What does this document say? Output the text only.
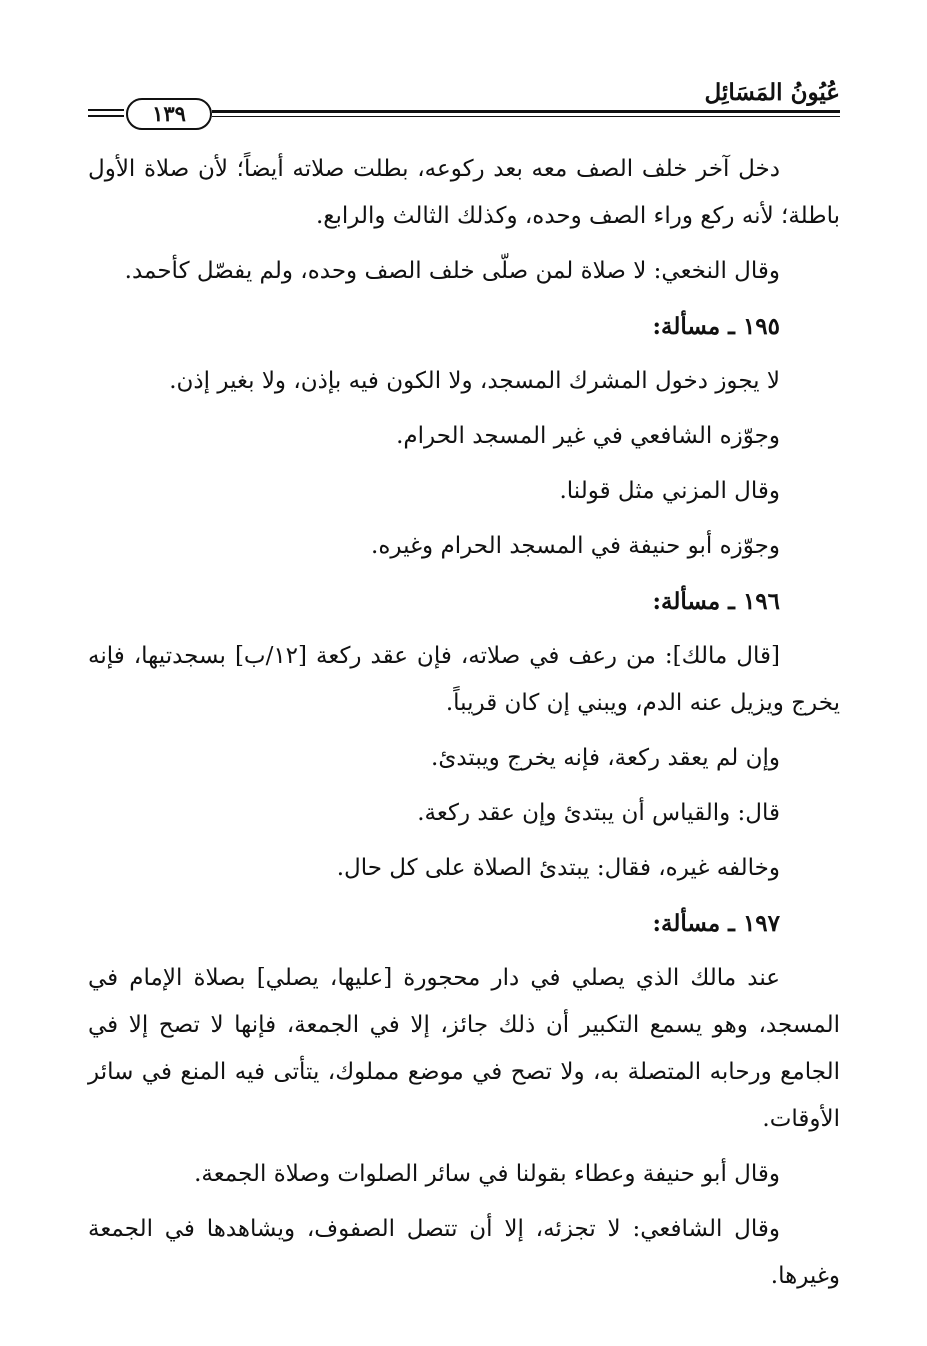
عُيُونُ المَسَائِل
١٣٩

دخل آخر خلف الصف معه بعد ركوعه، بطلت صلاته أيضاً؛ لأن صلاة الأول باطلة؛ لأنه ركع وراء الصف وحده، وكذلك الثالث والرابع.

وقال النخعي: لا صلاة لمن صلّى خلف الصف وحده، ولم يفصّل كأحمد.

١٩٥ ـ مسألة:

لا يجوز دخول المشرك المسجد، ولا الكون فيه بإذن، ولا بغير إذن.

وجوّزه الشافعي في غير المسجد الحرام.

وقال المزني مثل قولنا.

وجوّزه أبو حنيفة في المسجد الحرام وغيره.

١٩٦ ـ مسألة:

[قال مالك]: من رعف في صلاته، فإن عقد ركعة [١٢/ب] بسجدتيها، فإنه يخرج ويزيل عنه الدم، ويبني إن كان قريباً.

وإن لم يعقد ركعة، فإنه يخرج ويبتدئ.

قال: والقياس أن يبتدئ وإن عقد ركعة.

وخالفه غيره، فقال: يبتدئ الصلاة على كل حال.

١٩٧ ـ مسألة:

عند مالك الذي يصلي في دار محجورة [عليها، يصلي] بصلاة الإمام في المسجد، وهو يسمع التكبير أن ذلك جائز، إلا في الجمعة، فإنها لا تصح إلا في الجامع ورحابه المتصلة به، ولا تصح في موضع مملوك، يتأتى فيه المنع في سائر الأوقات.

وقال أبو حنيفة وعطاء بقولنا في سائر الصلوات وصلاة الجمعة.

وقال الشافعي: لا تجزئه، إلا أن تتصل الصفوف، ويشاهدها في الجمعة وغيرها.
